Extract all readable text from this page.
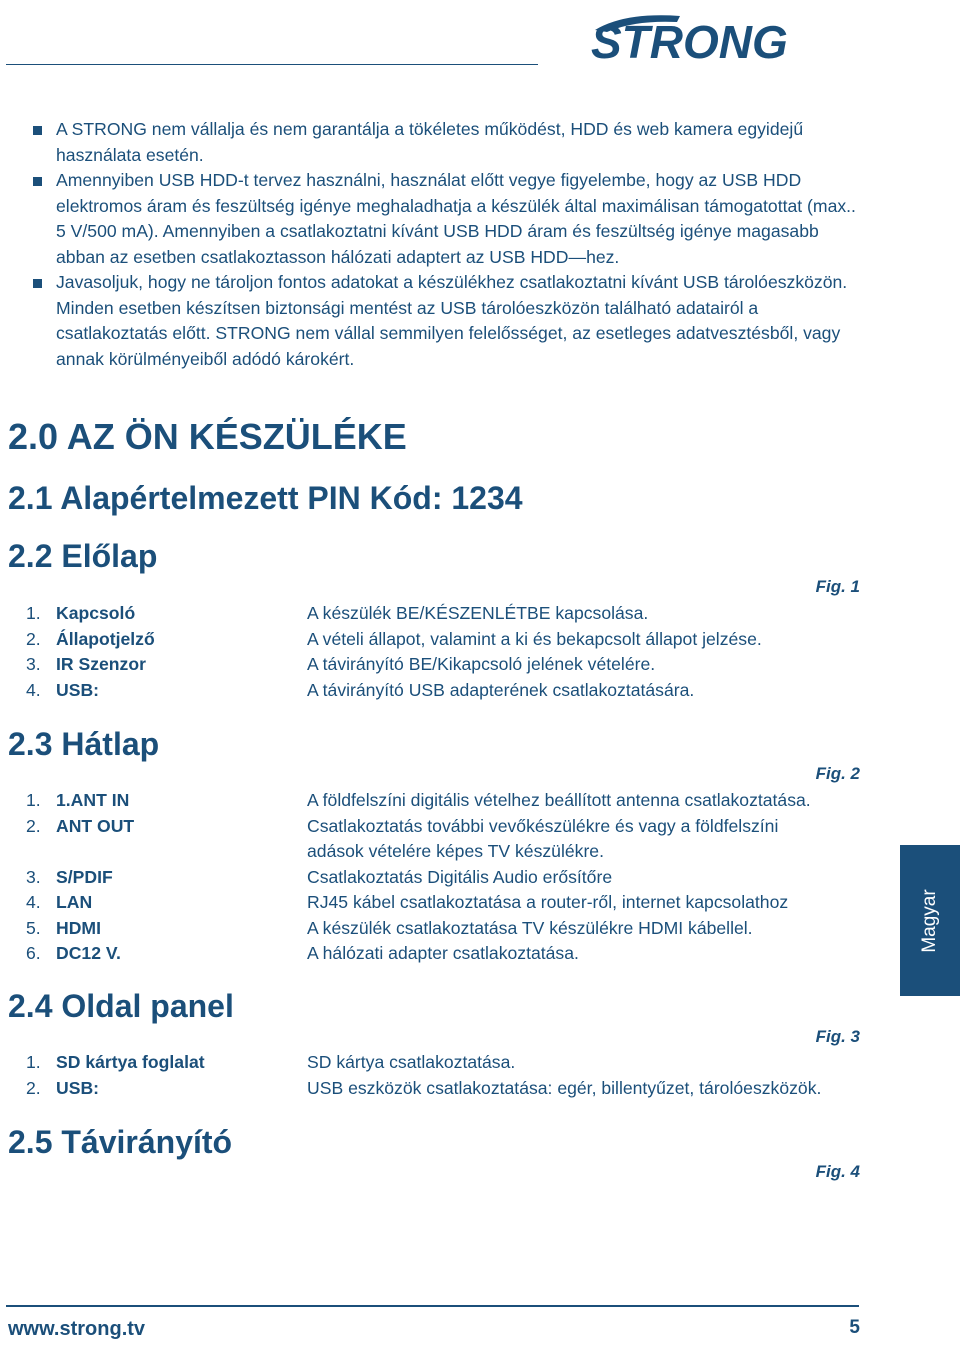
STRONG
A STRONG nem vállalja és nem garantálja a tökéletes működést, HDD és web kamera egyidejű használata esetén.
Amennyiben USB HDD-t tervez használni, használat előtt vegye figyelembe, hogy az USB HDD elektromos áram és feszültség igénye meghaladhatja a készülék által maximálisan támogatottat (max.. 5 V/500 mA). Amennyiben a csatlakoztatni kívánt USB HDD áram és feszültség igénye magasabb abban az esetben csatlakoztasson hálózati adaptert az USB HDD—hez.
Javasoljuk, hogy ne tároljon fontos adatokat a készülékhez csatlakoztatni kívánt USB tárolóeszközön. Minden esetben készítsen biztonsági mentést az USB tárolóeszközön található adatairól a csatlakoztatás előtt. STRONG nem vállal semmilyen felelősséget, az esetleges adatvesztésből, vagy annak körülményeiből adódó károkért.
2.0 AZ ÖN KÉSZÜLÉKE
2.1 Alapértelmezett PIN Kód: 1234
2.2 Előlap
Fig. 1
1. Kapcsoló	A készülék BE/KÉSZENLÉTBE kapcsolása.
2. Állapotjelző	A vételi állapot, valamint a ki és bekapcsolt állapot jelzése.
3. IR Szenzor	A távirányító BE/Kikapcsoló jelének vételére.
4. USB:	A távirányító USB adapterének csatlakoztatására.
2.3 Hátlap
Fig. 2
1. 1.ANT IN	A földfelszíni digitális vételhez beállított antenna csatlakoztatása.
2. ANT OUT	Csatlakoztatás további vevőkészülékre és vagy a földfelszíni adások vételére képes TV készülékre.
3. S/PDIF	Csatlakoztatás Digitális Audio erősítőre
4. LAN	RJ45 kábel csatlakoztatása a router-ről, internet kapcsolathoz
5. HDMI	A készülék csatlakoztatása TV készülékre HDMI kábellel.
6. DC12 V.	A hálózati adapter csatlakoztatása.
2.4 Oldal panel
Fig. 3
1. SD kártya foglalat	SD kártya csatlakoztatása.
2. USB:	USB eszközök csatlakoztatása: egér, billentyűzet, tárolóeszközök.
2.5 Távirányító
Fig. 4
Magyar
www.strong.tv	5
